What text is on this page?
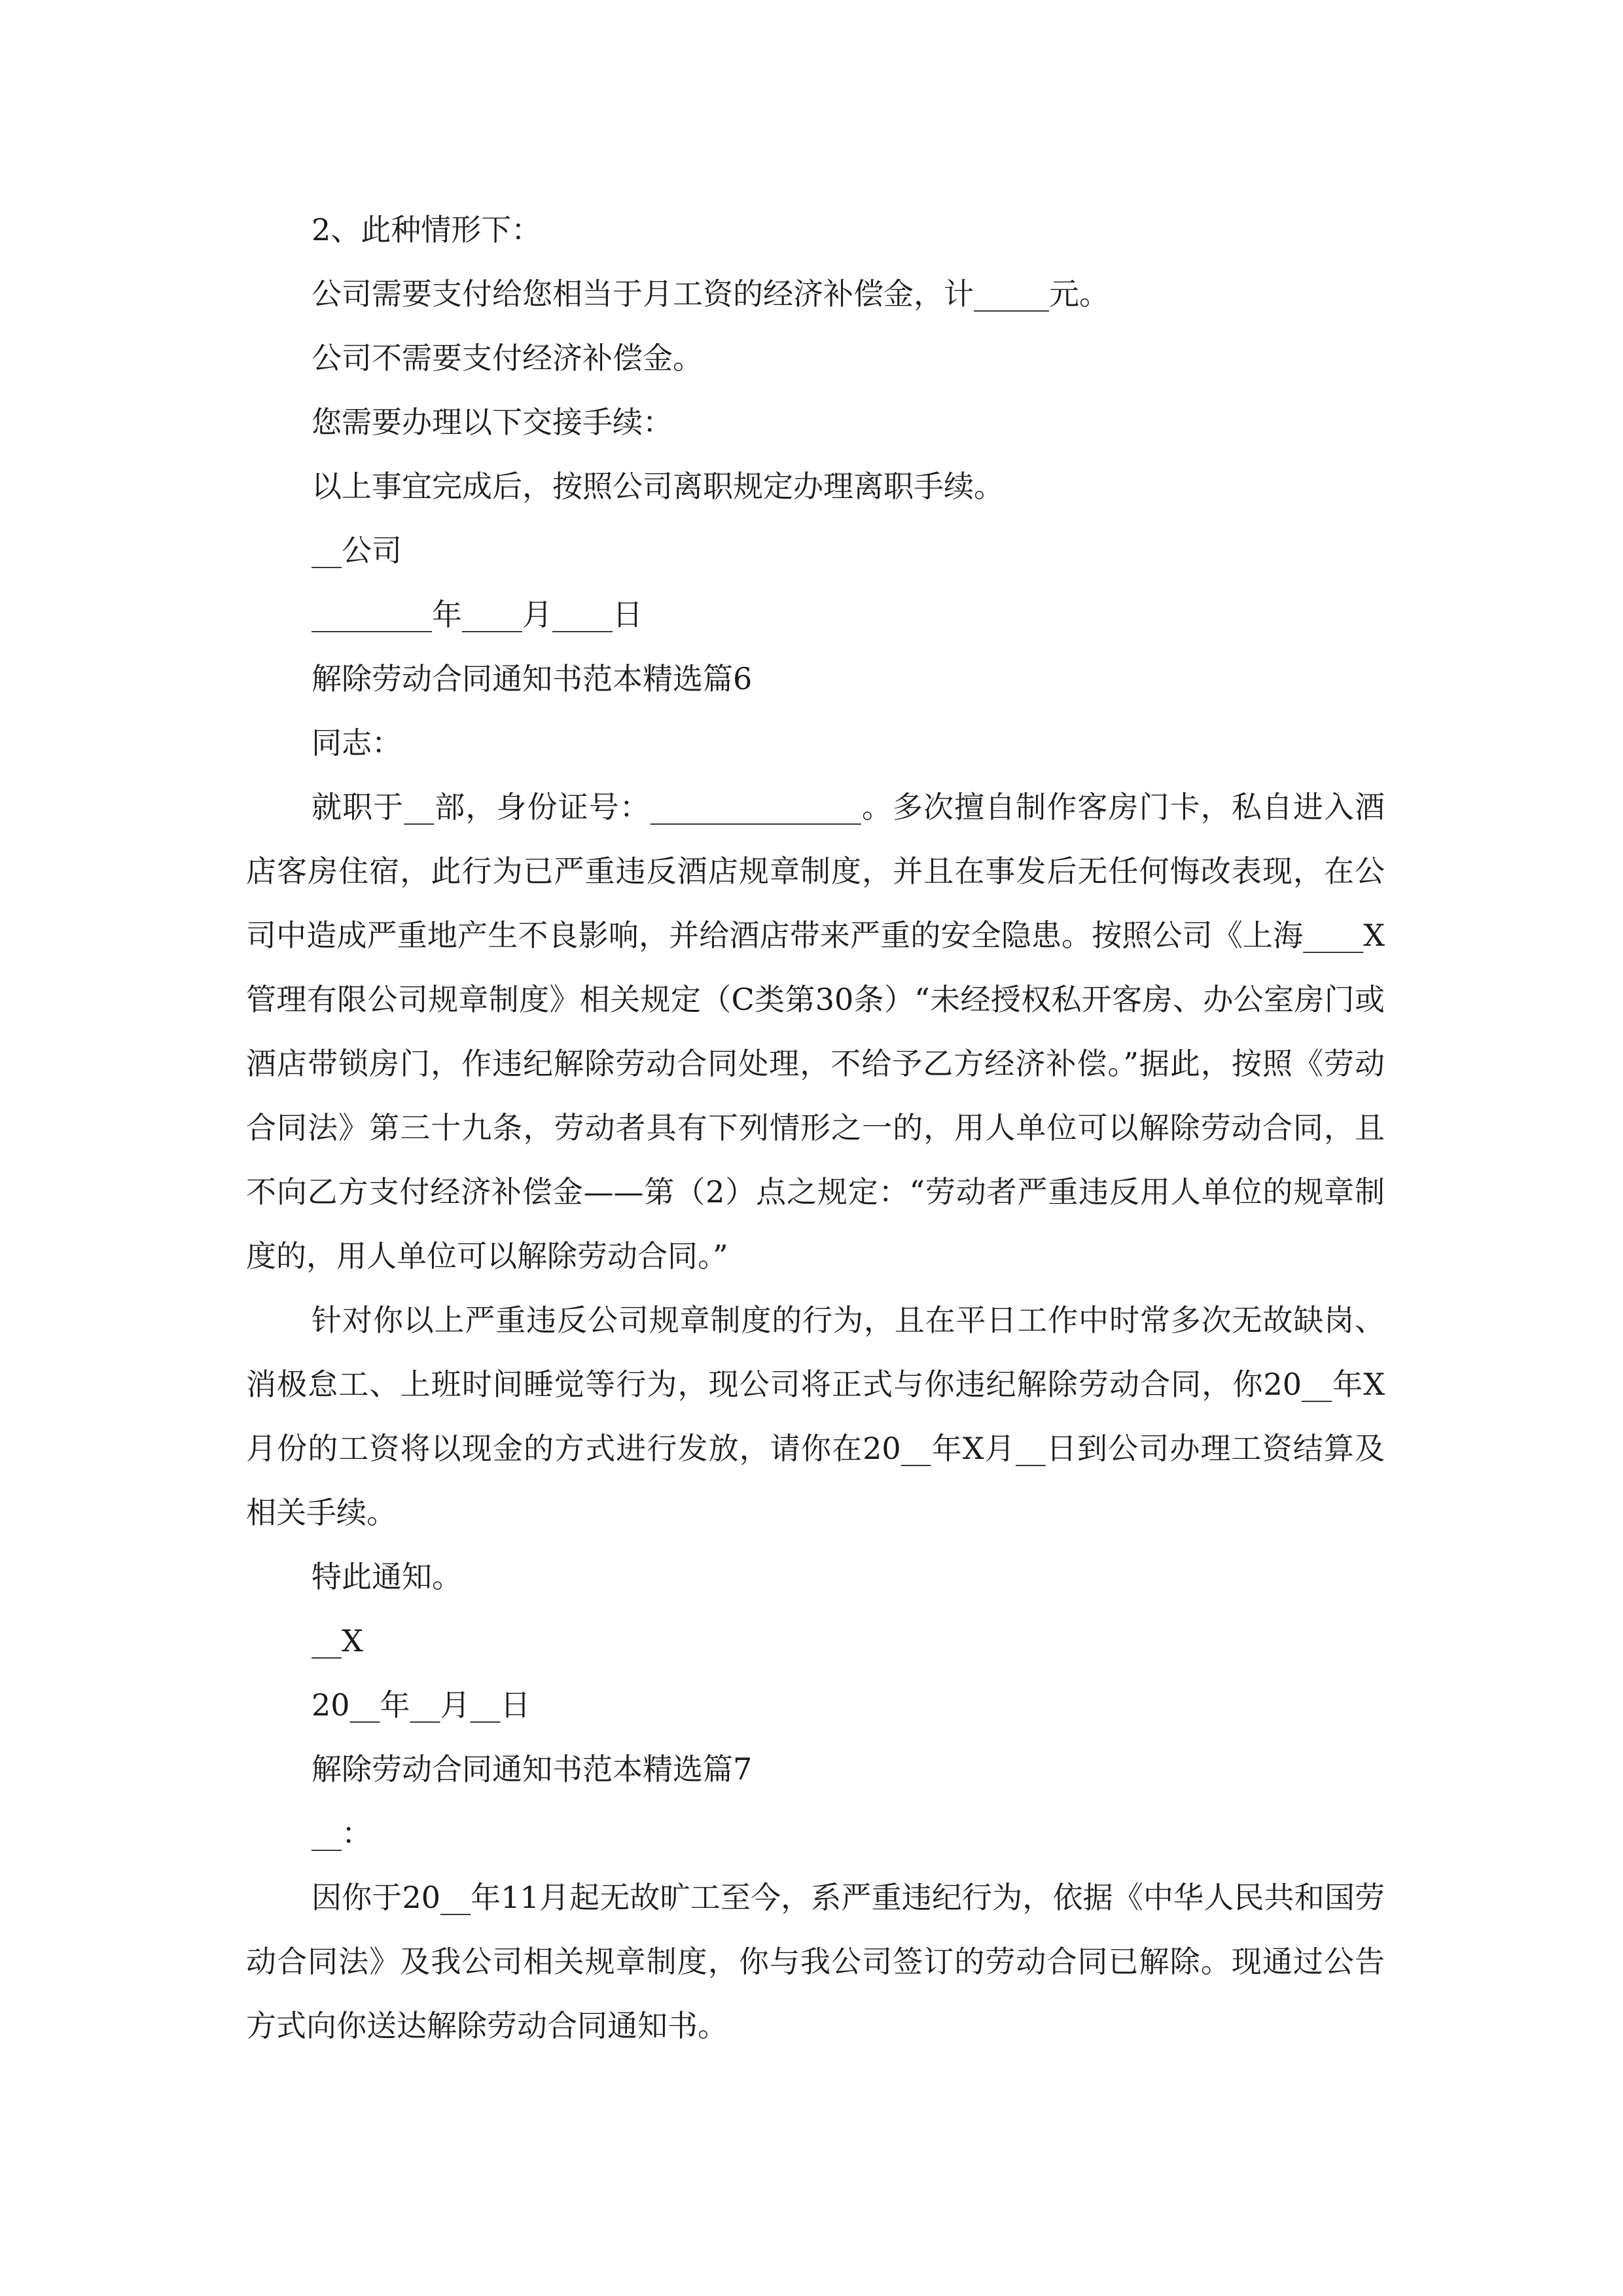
2、此种情形下：

公司需要支付给您相当于月工资的经济补偿金，计_____元。

公司不需要支付经济补偿金。

您需要办理以下交接手续：

以上事宜完成后，按照公司离职规定办理离职手续。

__公司

________年____月____日

解除劳动合同通知书范本精选篇6

同志：

就职于__部，身份证号：______________。多次擅自制作客房门卡，私自进入酒店客房住宿，此行为已严重违反酒店规章制度，并且在事发后无任何悔改表现，在公司中造成严重地产生不良影响，并给酒店带来严重的安全隐患。按照公司《上海____X管理有限公司规章制度》相关规定（C类第30条）“未经授权私开客房、办公室房门或酒店带锁房门，作违纪解除劳动合同处理，不给予乙方经济补偿。”据此，按照《劳动合同法》第三十九条，劳动者具有下列情形之一的，用人单位可以解除劳动合同，且不向乙方支付经济补偿金——第（2）点之规定：“劳动者严重违反用人单位的规章制度的，用人单位可以解除劳动合同。”

针对你以上严重违反公司规章制度的行为，且在平日工作中时常多次无故缺岗、消极怠工、上班时间睡觉等行为，现公司将正式与你违纪解除劳动合同，你20__年X月份的工资将以现金的方式进行发放，请你在20__年X月__日到公司办理工资结算及相关手续。

特此通知。

__X

20__年__月__日

解除劳动合同通知书范本精选篇7

__：

因你于20__年11月起无故旷工至今，系严重违纪行为，依据《中华人民共和国劳动合同法》及我公司相关规章制度，你与我公司签订的劳动合同已解除。现通过公告方式向你送达解除劳动合同通知书。
